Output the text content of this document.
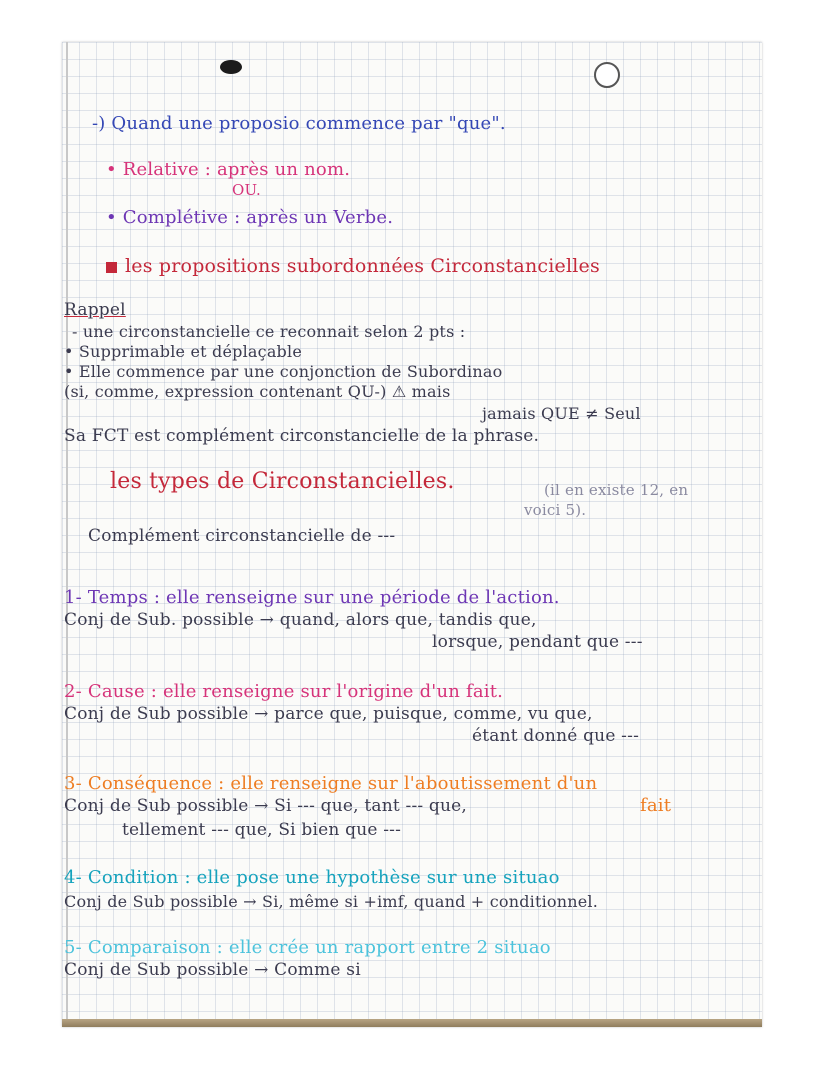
-) Quand une proposio commence par "que".
• Relative : après un nom.
OU.
• Complétive : après un Verbe.
les propositions subordonnées Circonstancielles
Rappel
- une circonstancielle ce reconnait selon 2 pts :
• Supprimable et déplaçable
• Elle commence par une conjonction de Subordinao
(si, comme, expression contenant QU-) ⚠ mais
jamais QUE ≠ Seul
Sa FCT est complément circonstancielle de la phrase.
les types de Circonstancielles.	(il en existe 12, en
voici 5).
Complément circonstancielle de ---
1- Temps : elle renseigne sur une période de l'action.
Conj de Sub. possible → quand, alors que, tandis que,
lorsque, pendant que ---
2- Cause : elle renseigne sur l'origine d'un fait.
Conj de Sub possible → parce que, puisque, comme, vu que,
étant donné que ---
3- Conséquence : elle renseigne sur l'aboutissement d'un
fait
Conj de Sub possible → Si --- que, tant --- que,
tellement --- que, Si bien que ---
4- Condition : elle pose une hypothèse sur une situao
Conj de Sub possible → Si, même si +imf, quand + conditionnel.
5- Comparaison : elle crée un rapport entre 2 situao
Conj de Sub possible → Comme si
